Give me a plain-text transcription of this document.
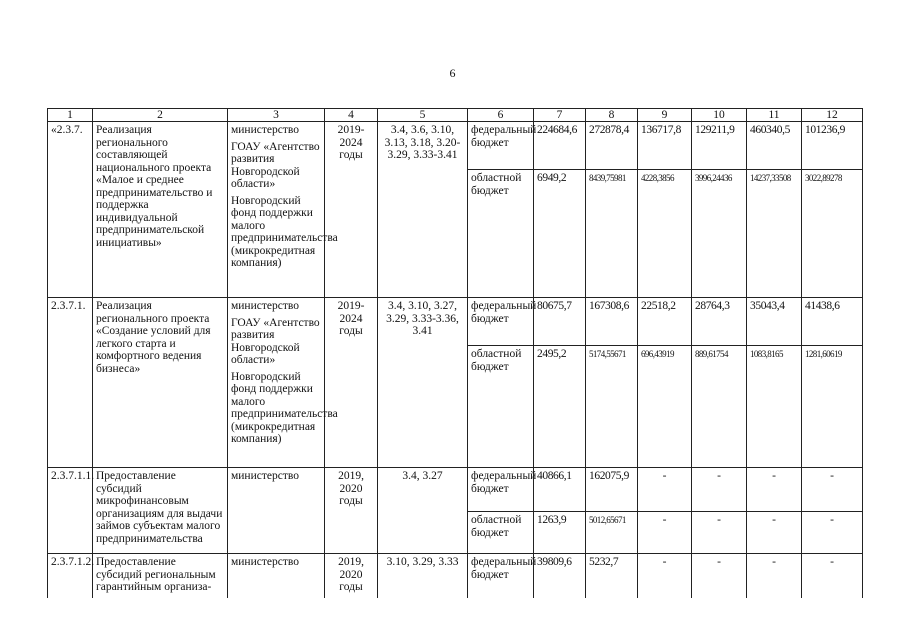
6
1	2	3	4	5	6	7	8	9	10	11	12
«2.3.7.	Реализация регионального составляющей национального проекта «Малое и среднее предпринимательство и поддержка индивидуальной предпринимательской инициативы»	министерство
ГОАУ «Агентство развития Новгородской области»
Новгородский фонд поддержки малого предпринимательства (микрокредитная компания)	2019-2024 годы	3.4, 3.6, 3.10, 3.13, 3.18, 3.20-3.29, 3.33-3.41	федеральный бюджет	224684,6	272878,4	136717,8	129211,9	460340,5	101236,9
					областной бюджет	6949,2	8439,75981	4228,3856	3996,24436	14237,33508	3022,89278
2.3.7.1.	Реализация регионального проекта «Создание условий для легкого старта и комфортного ведения бизнеса»	министерство
ГОАУ «Агентство развития Новгородской области»
Новгородский фонд поддержки малого предпринимательства (микрокредитная компания)	2019-2024 годы	3.4, 3.10, 3.27, 3.29, 3.33-3.36, 3.41	федеральный бюджет	80675,7	167308,6	22518,2	28764,3	35043,4	41438,6
					областной бюджет	2495,2	5174,55671	696,43919	889,61754	1083,8165	1281,60619
2.3.7.1.1.	Предоставление субсидий микрофинансовым организациям для выдачи займов субъектам малого предпринимательства	министерство	2019, 2020 годы	3.4, 3.27	федеральный бюджет	40866,1	162075,9	-	-	-	-
					областной бюджет	1263,9	5012,65671	-	-	-	-
2.3.7.1.2.	Предоставление субсидий региональным гарантийным организа-	министерство	2019, 2020 годы	3.10, 3.29, 3.33	федеральный бюджет	39809,6	5232,7	-	-	-	-
